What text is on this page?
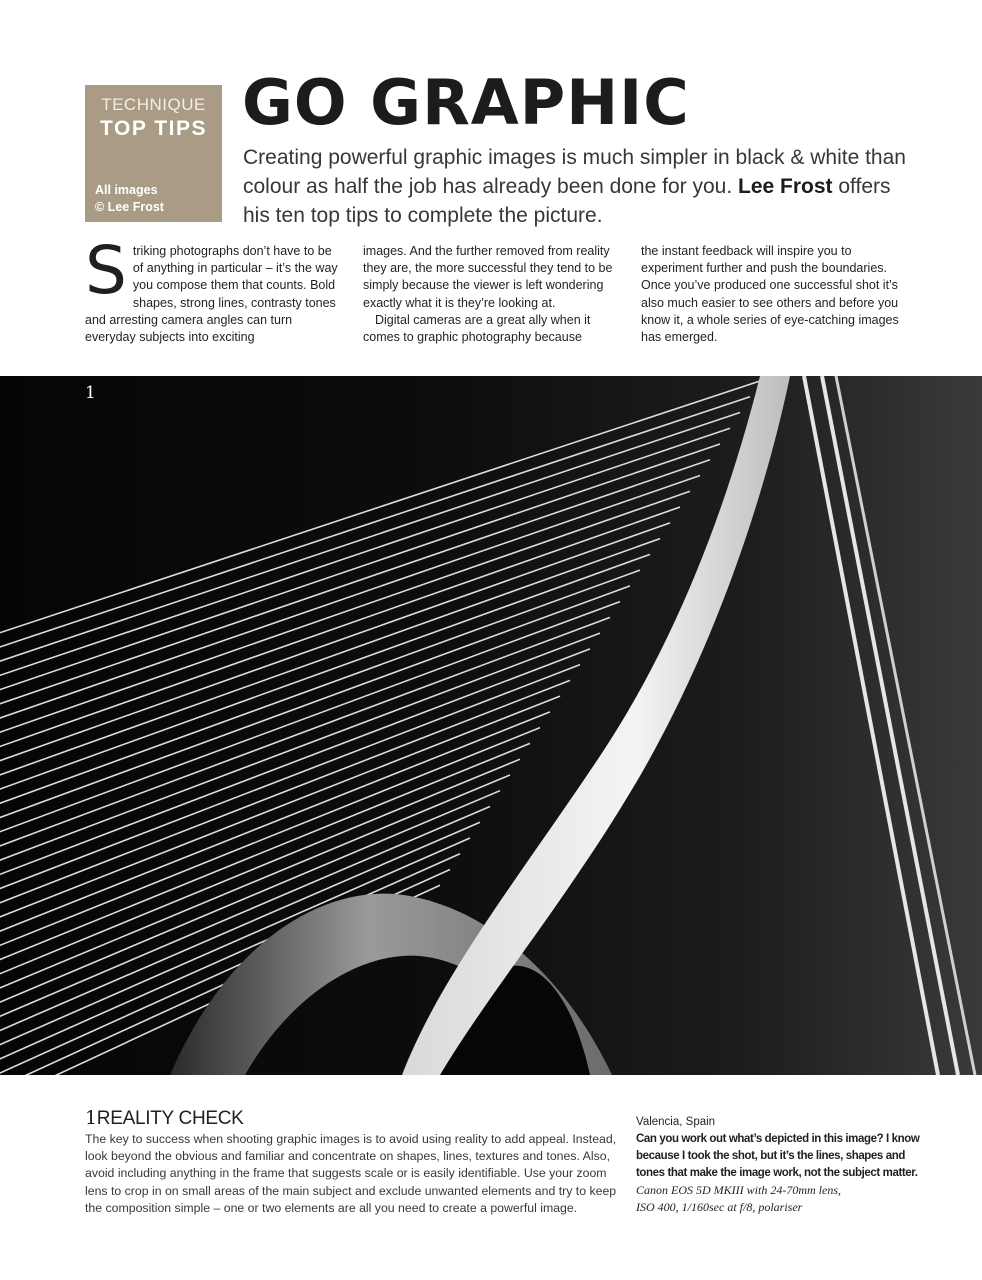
TECHNIQUE
TOP TIPS
All images
© Lee Frost
GO GRAPHIC

Creating powerful graphic images is much simpler in black & white than colour as half the job has already been done for you. Lee Frost offers his ten top tips to complete the picture.

S triking photographs don’t have to be of anything in particular – it’s the way you compose them that counts. Bold shapes, strong lines, contrasty tones and arresting camera angles can turn everyday subjects into exciting

images. And the further removed from reality they are, the more successful they tend to be simply because the viewer is left wondering exactly what it is they’re looking at.

Digital cameras are a great ally when it comes to graphic photography because

the instant feedback will inspire you to experiment further and push the boundaries. Once you’ve produced one successful shot it’s also much easier to see others and before you know it, a whole series of eye-catching images has emerged.

1
1REALITY CHECK

The key to success when shooting graphic images is to avoid using reality to add appeal. Instead, look beyond the obvious and familiar and concentrate on shapes, lines, textures and tones. Also, avoid including anything in the frame that suggests scale or is easily identifiable. Use your zoom lens to crop in on small areas of the main subject and exclude unwanted elements and try to keep the composition simple – one or two elements are all you need to create a powerful image.

Valencia, Spain
Can you work out what’s depicted in this image? I know because I took the shot, but it’s the lines, shapes and tones that make the image work, not the subject matter.
Canon EOS 5D MKIII with 24-70mm lens,
ISO 400, 1/160sec at f/8, polariser
